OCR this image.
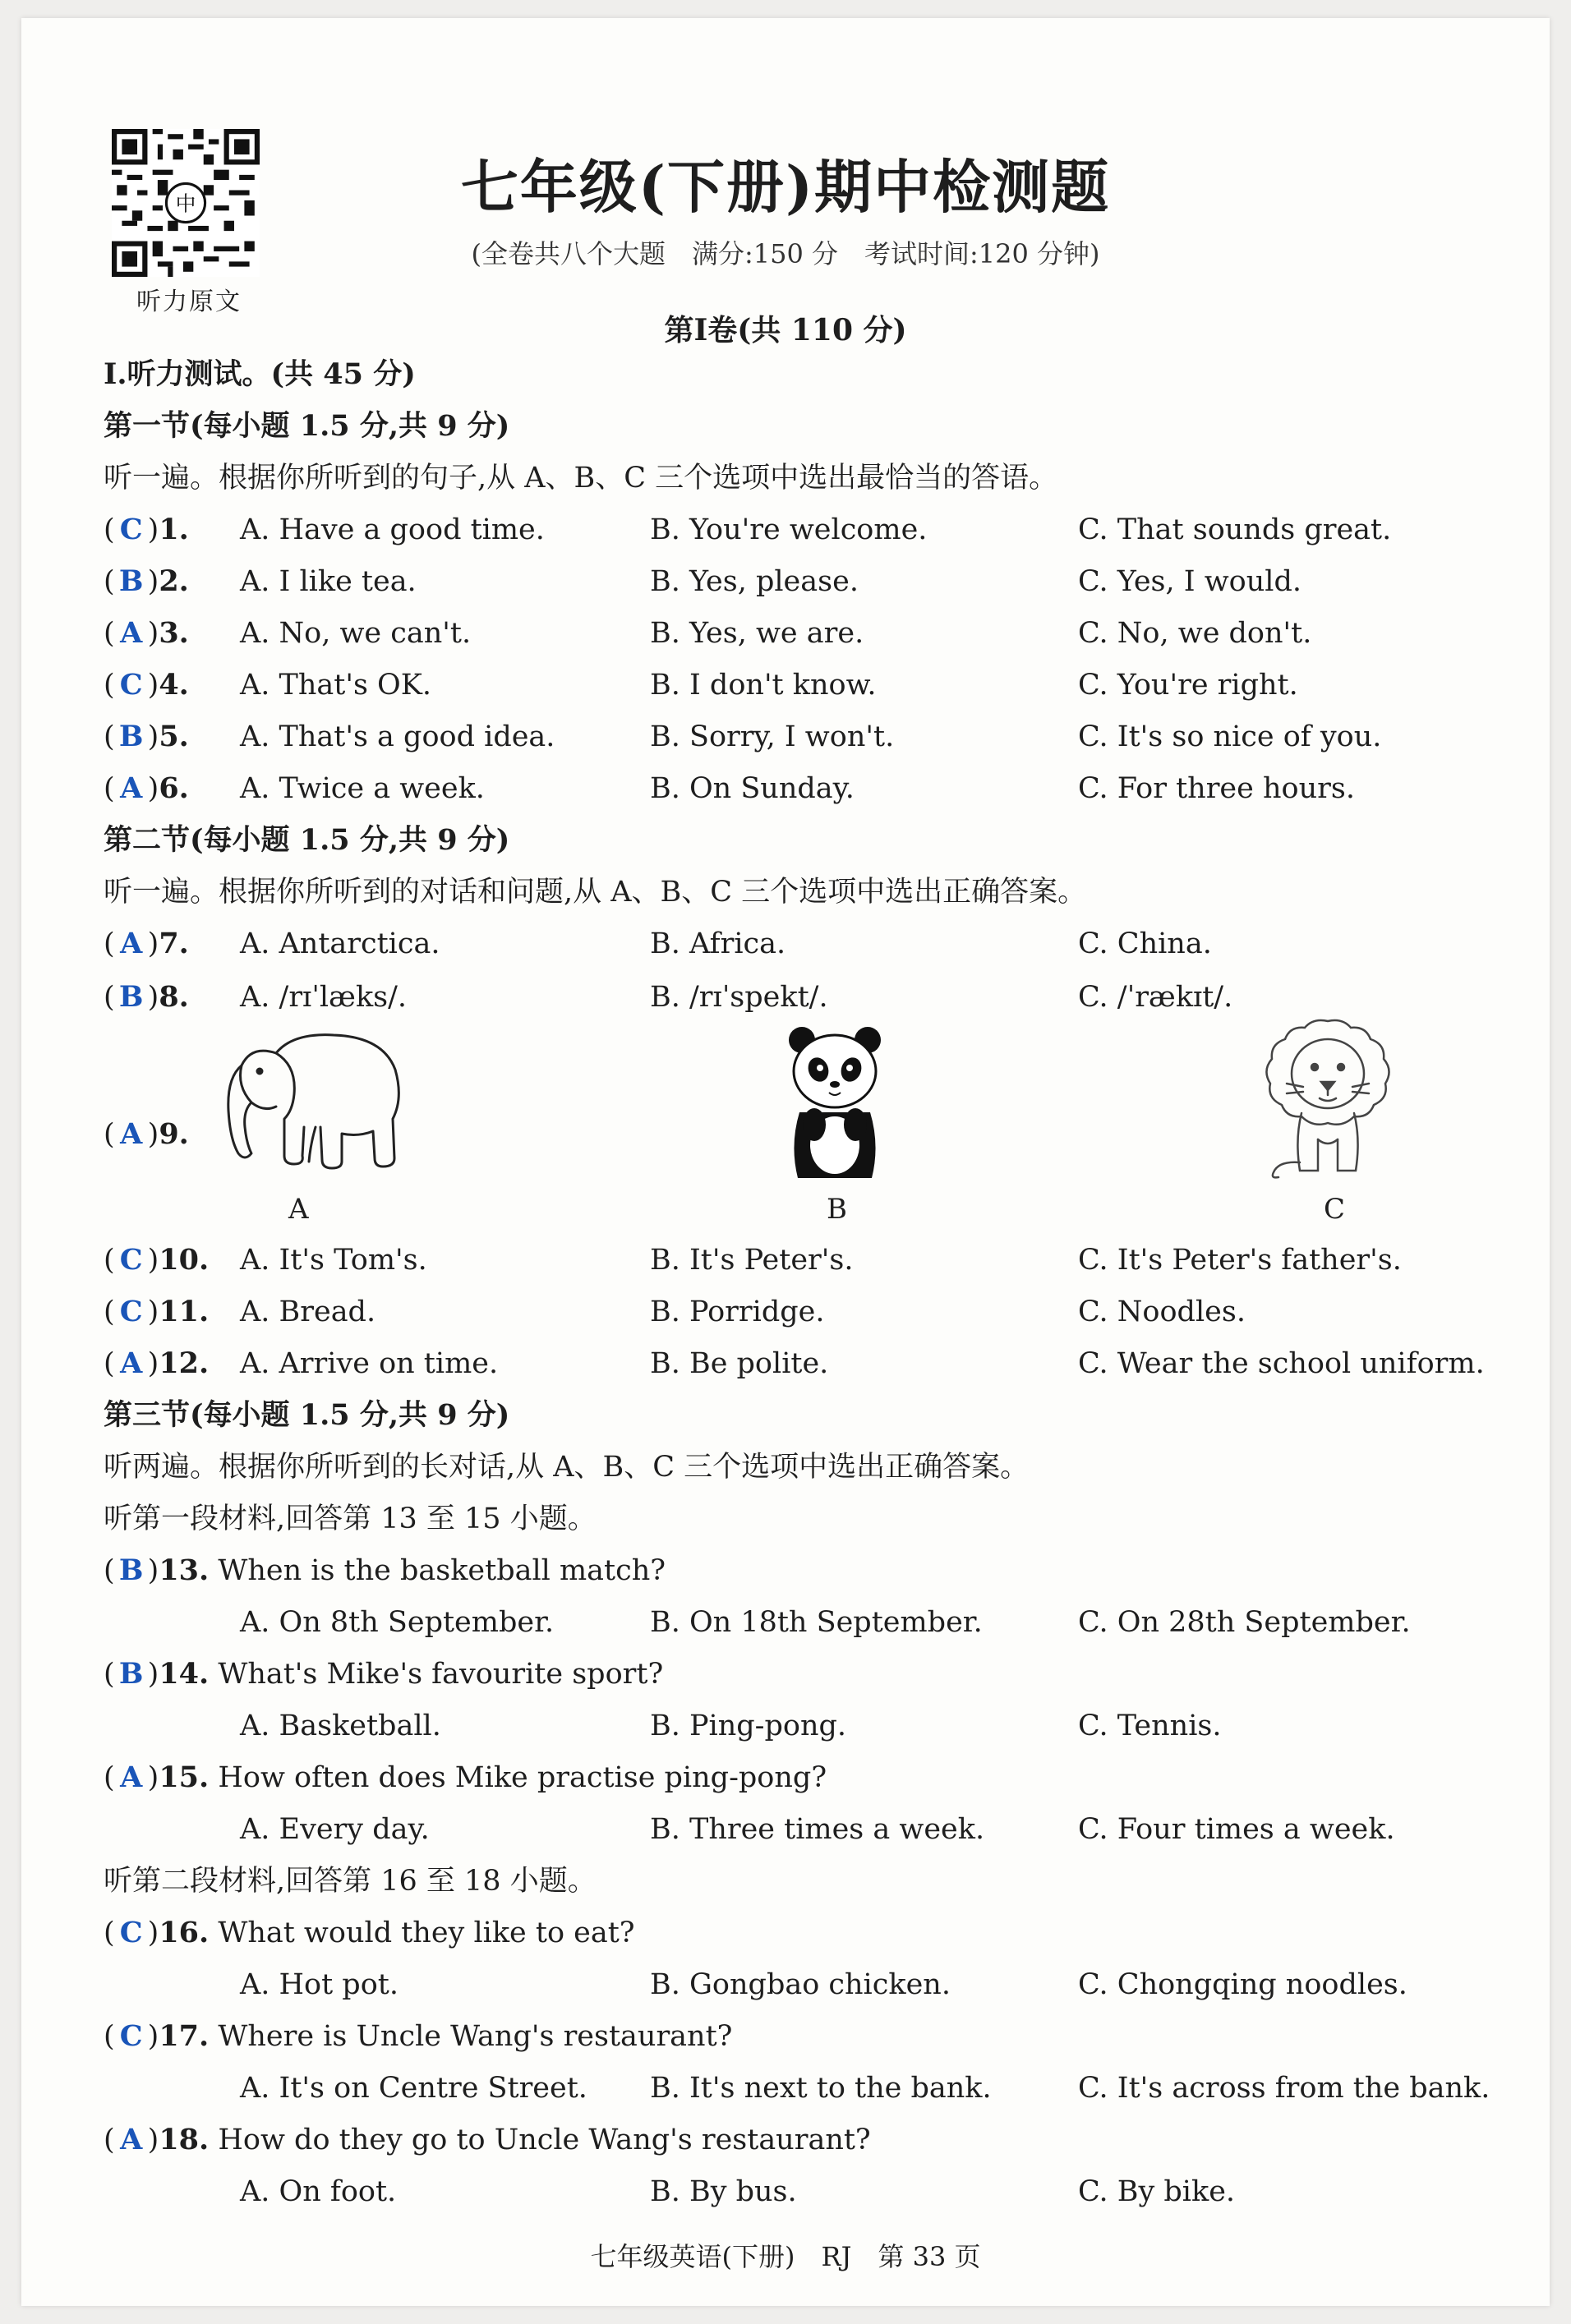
中
听力原文
七年级(下册)期中检测题
(全卷共八个大题　满分:150 分　考试时间:120 分钟)
第Ⅰ卷(共 110 分)
Ⅰ.听力测试。(共 45 分)
第一节(每小题 1.5 分,共 9 分)
听一遍。根据你所听到的句子,从 A、B、C 三个选项中选出最恰当的答语。
( C )1. A. Have a good time.	B. You're welcome.	C. That sounds great.
( B )2. A. I like tea.	B. Yes, please.	C. Yes, I would.
( A )3. A. No, we can't.	B. Yes, we are.	C. No, we don't.
( C )4. A. That's OK.	B. I don't know.	C. You're right.
( B )5. A. That's a good idea.	B. Sorry, I won't.	C. It's so nice of you.
( A )6. A. Twice a week.	B. On Sunday.	C. For three hours.
第二节(每小题 1.5 分,共 9 分)
听一遍。根据你所听到的对话和问题,从 A、B、C 三个选项中选出正确答案。
( A )7. A. Antarctica.	B. Africa.	C. China.
( B )8. A. /rɪˈlæks/.	B. /rɪˈspekt/.	C. /ˈrækɪt/.
( A )9.
A	B	C
( C )10. A. It's Tom's.	B. It's Peter's.	C. It's Peter's father's.
( C )11. A. Bread.	B. Porridge.	C. Noodles.
( A )12. A. Arrive on time.	B. Be polite.	C. Wear the school uniform.
第三节(每小题 1.5 分,共 9 分)
听两遍。根据你所听到的长对话,从 A、B、C 三个选项中选出正确答案。
听第一段材料,回答第 13 至 15 小题。
( B )13. When is the basketball match?
A. On 8th September.	B. On 18th September.	C. On 28th September.
( B )14. What's Mike's favourite sport?
A. Basketball.	B. Ping-pong.	C. Tennis.
( A )15. How often does Mike practise ping-pong?
A. Every day.	B. Three times a week.	C. Four times a week.
听第二段材料,回答第 16 至 18 小题。
( C )16. What would they like to eat?
A. Hot pot.	B. Gongbao chicken.	C. Chongqing noodles.
( C )17. Where is Uncle Wang's restaurant?
A. It's on Centre Street. B. It's next to the bank.	C. It's across from the bank.
( A )18. How do they go to Uncle Wang's restaurant?
A. On foot.	B. By bus.	C. By bike.
七年级英语(下册)　RJ　第 33 页
